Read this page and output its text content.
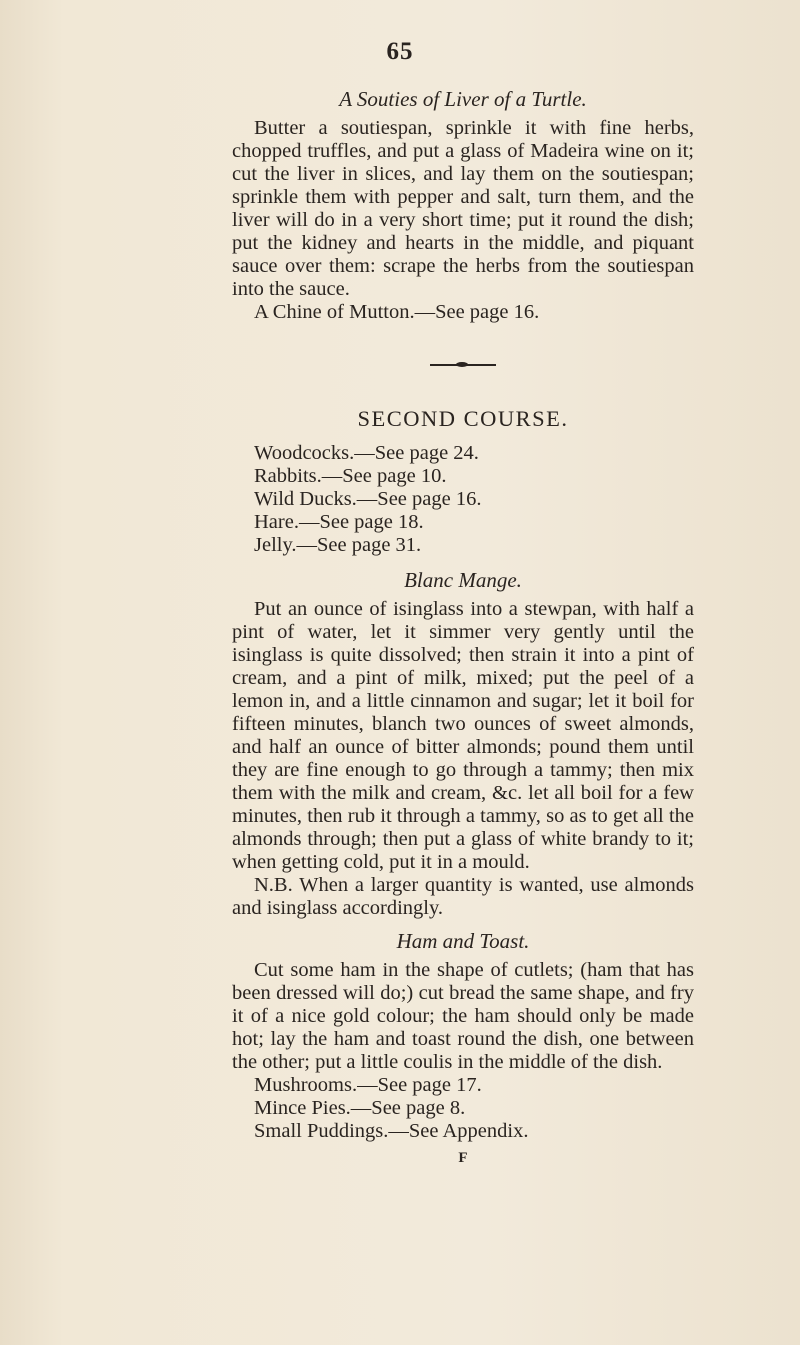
65

A Souties of Liver of a Turtle.

Butter a soutiespan, sprinkle it with fine herbs, chopped truffles, and put a glass of Madeira wine on it; cut the liver in slices, and lay them on the soutiespan; sprinkle them with pepper and salt, turn them, and the liver will do in a very short time; put it round the dish; put the kidney and hearts in the middle, and piquant sauce over them: scrape the herbs from the soutiespan into the sauce.

A Chine of Mutton.—See page 16.

SECOND COURSE.

Woodcocks.—See page 24.

Rabbits.—See page 10.

Wild Ducks.—See page 16.

Hare.—See page 18.

Jelly.—See page 31.

Blanc Mange.

Put an ounce of isinglass into a stewpan, with half a pint of water, let it simmer very gently until the isinglass is quite dissolved; then strain it into a pint of cream, and a pint of milk, mixed; put the peel of a lemon in, and a little cinnamon and sugar; let it boil for fifteen minutes, blanch two ounces of sweet almonds, and half an ounce of bitter almonds; pound them until they are fine enough to go through a tammy; then mix them with the milk and cream, &c. let all boil for a few minutes, then rub it through a tammy, so as to get all the almonds through; then put a glass of white brandy to it; when getting cold, put it in a mould.

N.B. When a larger quantity is wanted, use almonds and isinglass accordingly.

Ham and Toast.

Cut some ham in the shape of cutlets; (ham that has been dressed will do;) cut bread the same shape, and fry it of a nice gold colour; the ham should only be made hot; lay the ham and toast round the dish, one between the other; put a little coulis in the middle of the dish.

Mushrooms.—See page 17.

Mince Pies.—See page 8.

Small Puddings.—See Appendix.

F
